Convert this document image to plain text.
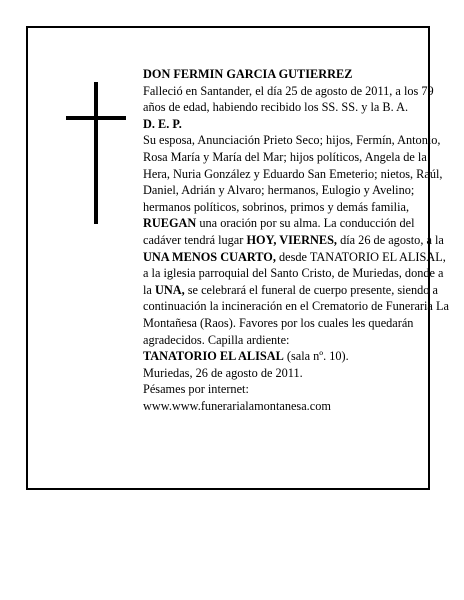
DON FERMIN GARCIA GUTIERREZ

Falleció en Santander, el día 25 de agosto de 2011, a los 79 años de edad, habiendo recibido los SS. SS. y la B. A.

D. E. P.

Su esposa, Anunciación Prieto Seco; hijos, Fermín, Antonio, Rosa María y María del Mar; hijos políticos, Angela de la Hera, Nuria González y Eduardo San Emeterio; nietos, Raúl, Daniel, Adrián y Alvaro; hermanos, Eulogio y Avelino; hermanos políticos, sobrinos, primos y demás familia,

RUEGAN una oración por su alma. La conducción del cadáver tendrá lugar HOY, VIERNES, día 26 de agosto, a la UNA MENOS CUARTO, desde TANATORIO EL ALISAL, a la iglesia parroquial del Santo Cristo, de Muriedas, donde a la UNA, se celebrará el funeral de cuerpo presente, siendo a continuación la incineración en el Crematorio de Funeraria La Montañesa (Raos). Favores por los cuales les quedarán agradecidos. Capilla ardiente:

TANATORIO EL ALISAL (sala nº. 10).

Muriedas, 26 de agosto de 2011.

Pésames por internet:

www.www.funerarialamontanesa.com
